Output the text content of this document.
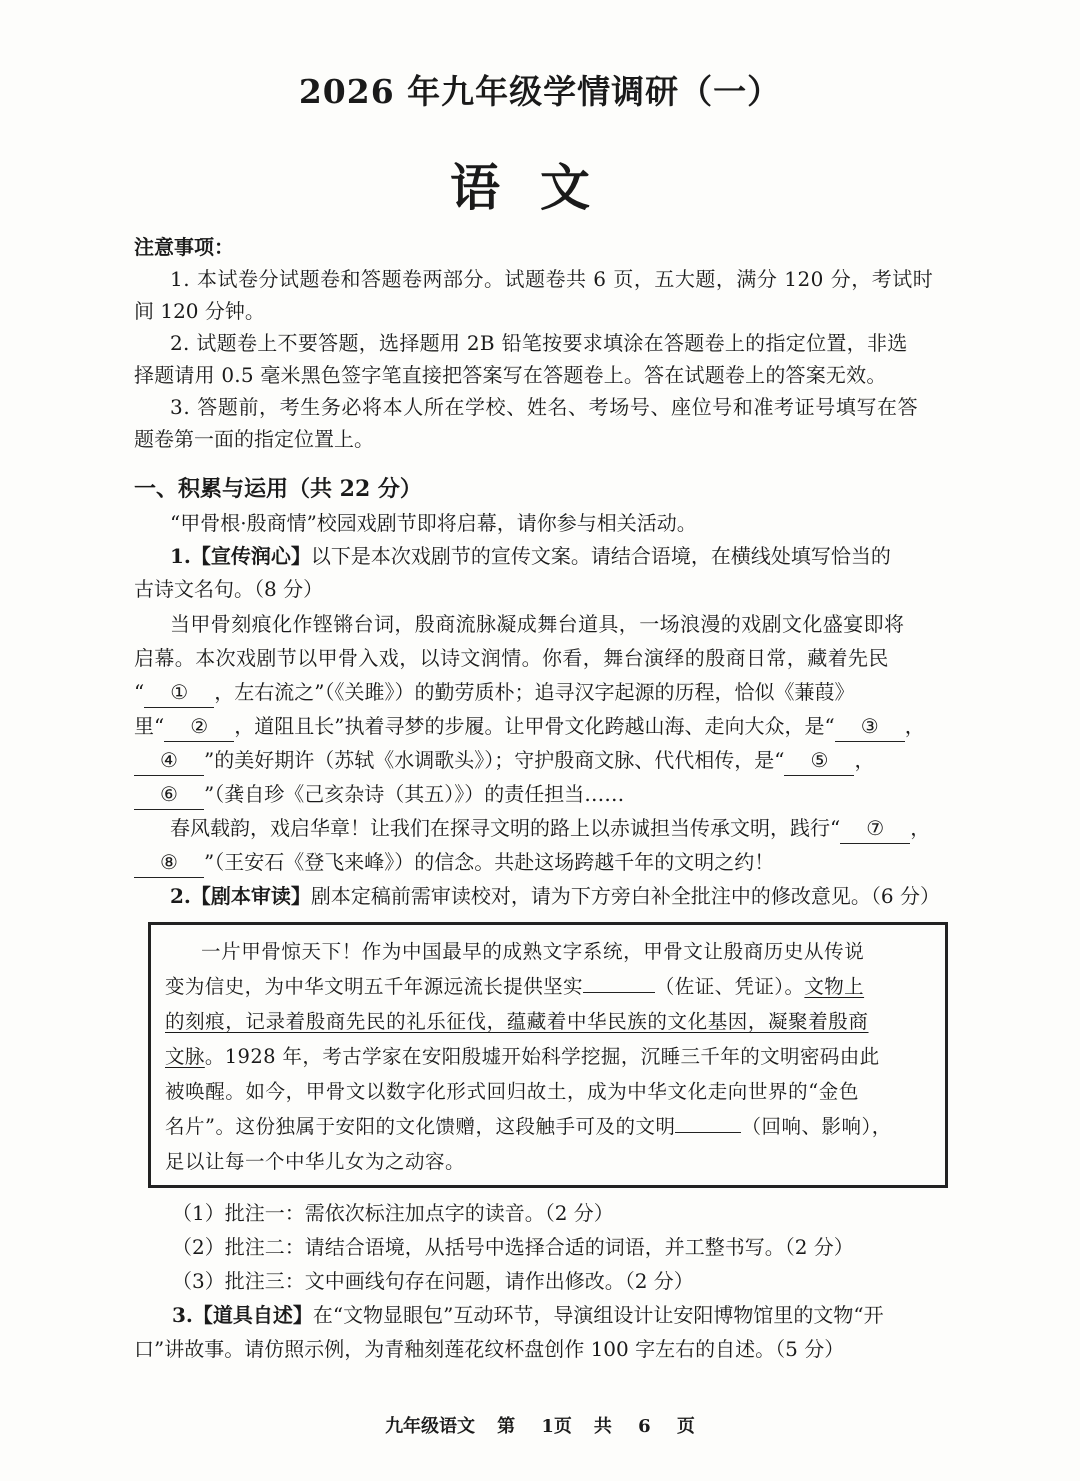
2026 年九年级学情调研（一）
语文
注意事项：
1. 本试卷分试题卷和答题卷两部分。试题卷共 6 页，五大题，满分 120 分，考试时
间 120 分钟。
2. 试题卷上不要答题，选择题用 2B 铅笔按要求填涂在答题卷上的指定位置，非选
择题请用 0.5 毫米黑色签字笔直接把答案写在答题卷上。答在试题卷上的答案无效。
3. 答题前，考生务必将本人所在学校、姓名、考场号、座位号和准考证号填写在答
题卷第一面的指定位置上。
一、积累与运用（共 22 分）
“甲骨根·殷商情”校园戏剧节即将启幕，请你参与相关活动。
1.【宣传润心】以下是本次戏剧节的宣传文案。请结合语境，在横线处填写恰当的
古诗文名句。（8 分）
当甲骨刻痕化作铿锵台词，殷商流脉凝成舞台道具，一场浪漫的戏剧文化盛宴即将
启幕。本次戏剧节以甲骨入戏，以诗文润情。你看，舞台演绎的殷商日常，藏着先民
“ ① ，左右流之”（《关雎》）的勤劳质朴；追寻汉字起源的历程，恰似《蒹葭》
里“ ② ，道阻且长”执着寻梦的步履。让甲骨文化跨越山海、走向大众，是“ ③ ，
④ ”的美好期许（苏轼《水调歌头》）；守护殷商文脉、代代相传，是“ ⑤ ，
⑥ ”（龚自珍《己亥杂诗（其五）》）的责任担当……
春风载韵，戏启华章！让我们在探寻文明的路上以赤诚担当传承文明，践行“ ⑦ ，
⑧ ”（王安石《登飞来峰》）的信念。共赴这场跨越千年的文明之约！
2.【剧本审读】剧本定稿前需审读校对，请为下方旁白补全批注中的修改意见。（6 分）
一片甲骨惊天下！作为中国最早的成熟文字系统，甲骨文让殷商历史从传说
变为信史，为中华文明五千年源远流长提供坚实	（佐证、凭证）。文物上
的刻痕，记录着殷商先民的礼乐征伐，蕴藏着中华民族的文化基因，凝聚着殷商
文脉。1928 年，考古学家在安阳殷墟开始科学挖掘，沉睡三千年的文明密码由此
被唤醒。如今，甲骨文以数字化形式回归故土，成为中华文化走向世界的“金色
名片”。这份独属于安阳的文化馈赠，这段触手可及的文明	（回响、影响），
足以让每一个中华儿女为之动容。
（1）批注一：需依次标注加点字的读音。（2 分）
（2）批注二：请结合语境，从括号中选择合适的词语，并工整书写。（2 分）
（3）批注三：文中画线句存在问题，请作出修改。（2 分）
3.【道具自述】在“文物显眼包”互动环节，导演组设计让安阳博物馆里的文物“开
口”讲故事。请仿照示例，为青釉刻莲花纹杯盘创作 100 字左右的自述。（5 分）
九年级语文 第 1页 共 6 页
